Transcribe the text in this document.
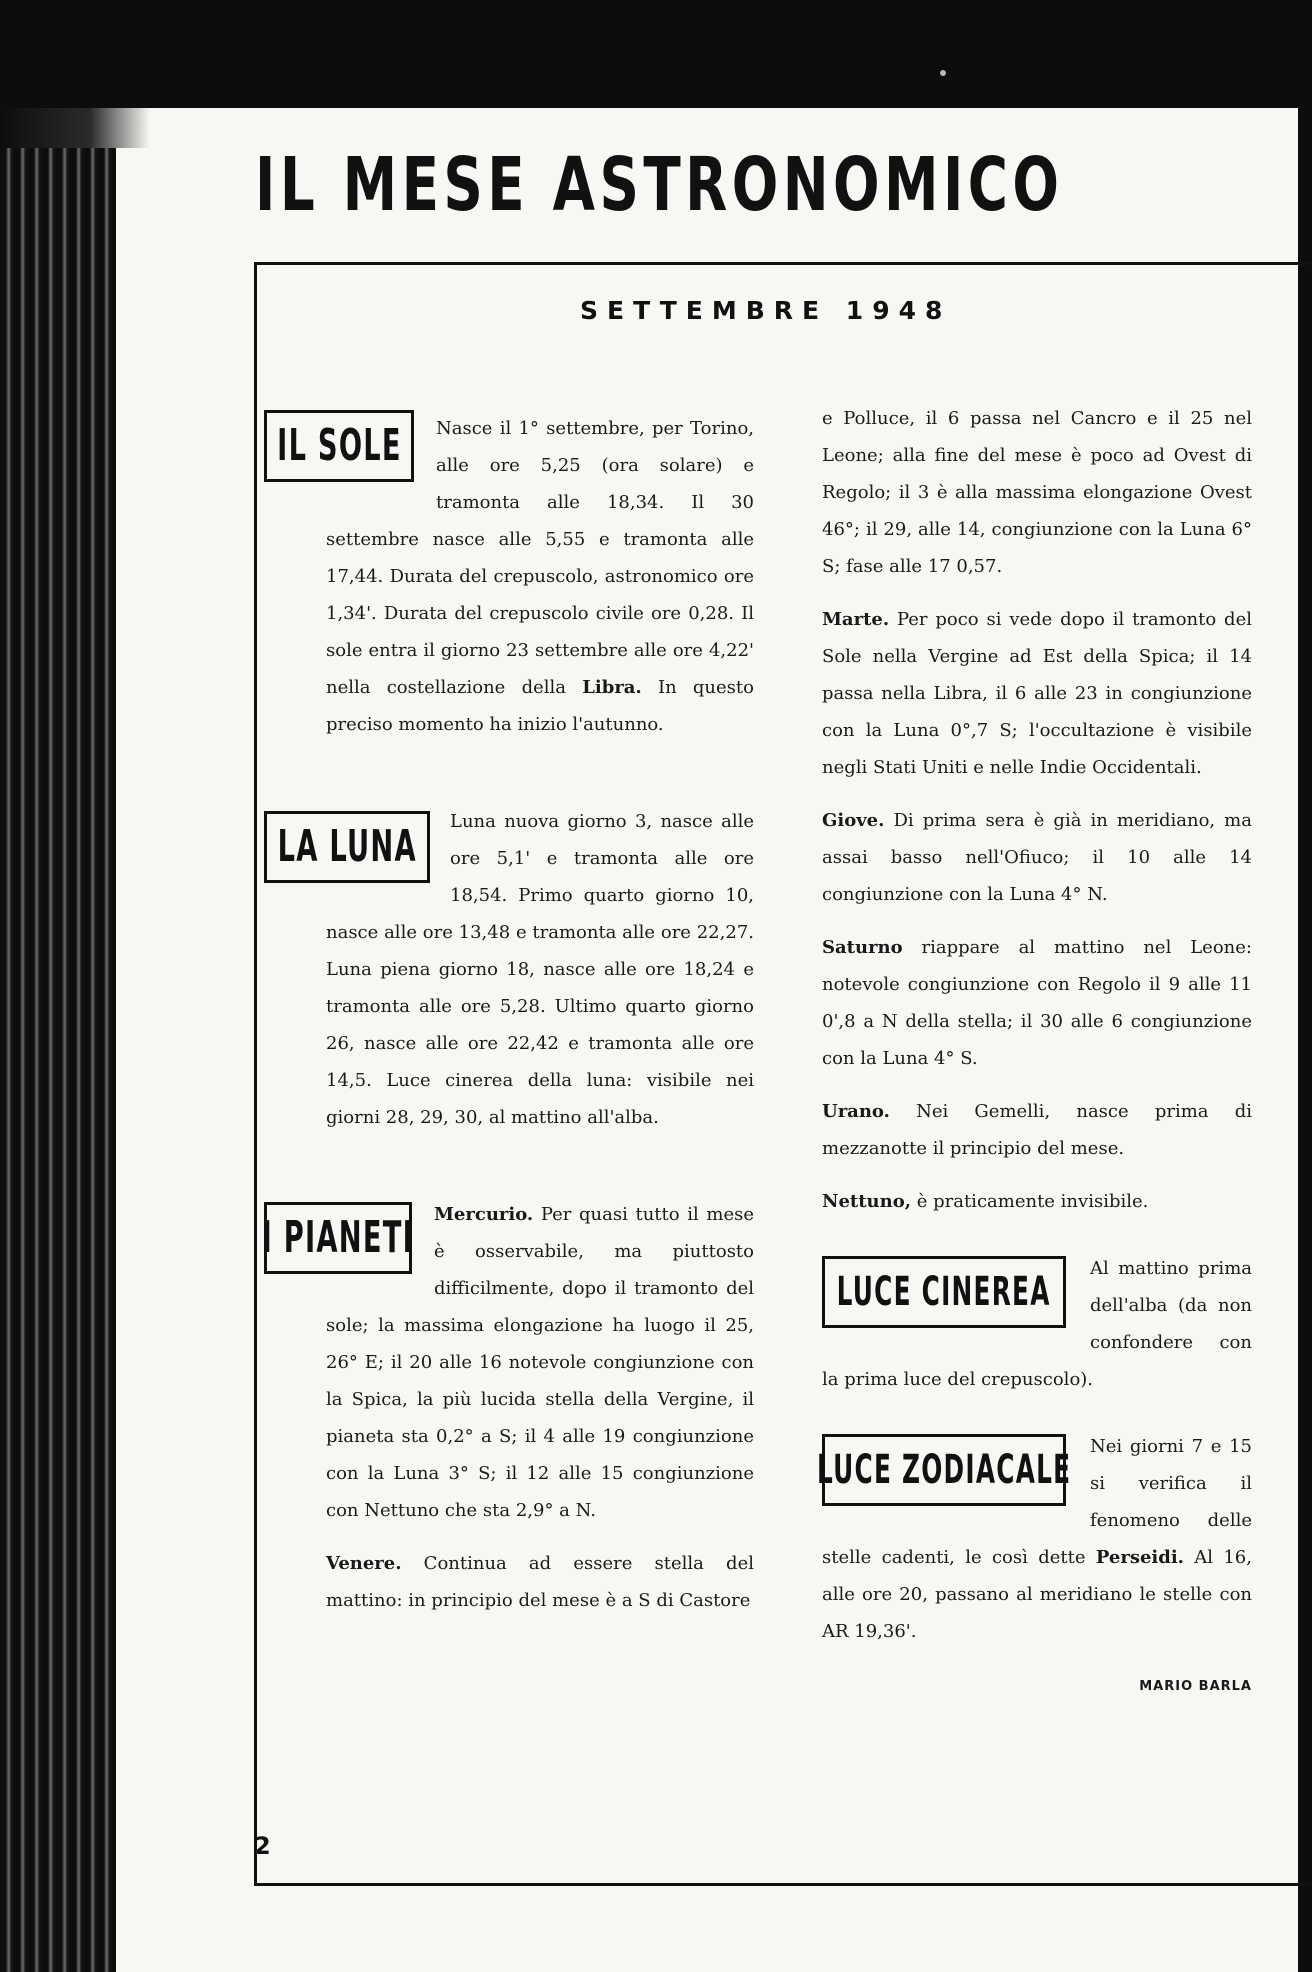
IL MESE ASTRONOMICO
SETTEMBRE 1948
IL SOLE	Nasce il 1° settembre, per Torino, alle ore 5,25 (ora solare) e tramonta alle 18,34. Il 30 settembre nasce alle 5,55 e tramonta alle 17,44. Durata del crepuscolo, astronomico ore 1,34'. Durata del crepuscolo civile ore 0,28. Il sole entra il giorno 23 settembre alle ore 4,22' nella costellazione della Libra. In questo preciso momento ha inizio l'autunno.

LA LUNA	Luna nuova giorno 3, nasce alle ore 5,1' e tramonta alle ore 18,54. Primo quarto giorno 10, nasce alle ore 13,48 e tramonta alle ore 22,27. Luna piena giorno 18, nasce alle ore 18,24 e tramonta alle ore 5,28. Ultimo quarto giorno 26, nasce alle ore 22,42 e tramonta alle ore 14,5. Luce cinerea della luna: visibile nei giorni 28, 29, 30, al mattino all'alba.

I PIANETI	Mercurio. Per quasi tutto il mese è osservabile, ma piuttosto difficilmente, dopo il tramonto del sole; la massima elongazione ha luogo il 25, 26° E; il 20 alle 16 notevole congiunzione con la Spica, la più lucida stella della Vergine, il pianeta sta 0,2° a S; il 4 alle 19 congiunzione con la Luna 3° S; il 12 alle 15 congiunzione con Nettuno che sta 2,9° a N.

Venere. Continua ad essere stella del mattino: in principio del mese è a S di Castore

e Polluce, il 6 passa nel Cancro e il 25 nel Leone; alla fine del mese è poco ad Ovest di Regolo; il 3 è alla massima elongazione Ovest 46°; il 29, alle 14, congiunzione con la Luna 6° S; fase alle 17 0,57.

Marte. Per poco si vede dopo il tramonto del Sole nella Vergine ad Est della Spica; il 14 passa nella Libra, il 6 alle 23 in congiunzione con la Luna 0°,7 S; l'occultazione è visibile negli Stati Uniti e nelle Indie Occidentali.

Giove. Di prima sera è già in meridiano, ma assai basso nell'Ofiuco; il 10 alle 14 congiunzione con la Luna 4° N.

Saturno riappare al mattino nel Leone: notevole congiunzione con Regolo il 9 alle 11 0',8 a N della stella; il 30 alle 6 congiunzione con la Luna 4° S.

Urano. Nei Gemelli, nasce prima di mezzanotte il principio del mese.

Nettuno, è praticamente invisibile.

LUCE CINEREA

Al mattino prima dell'alba (da non confondere con la prima luce del crepuscolo).

LUCE ZODIACALE

Nei giorni 7 e 15 si verifica il fenomeno delle stelle cadenti, le così dette Perseidi. Al 16, alle ore 20, passano al meridiano le stelle con AR 19,36'.

MARIO BARLA
2
